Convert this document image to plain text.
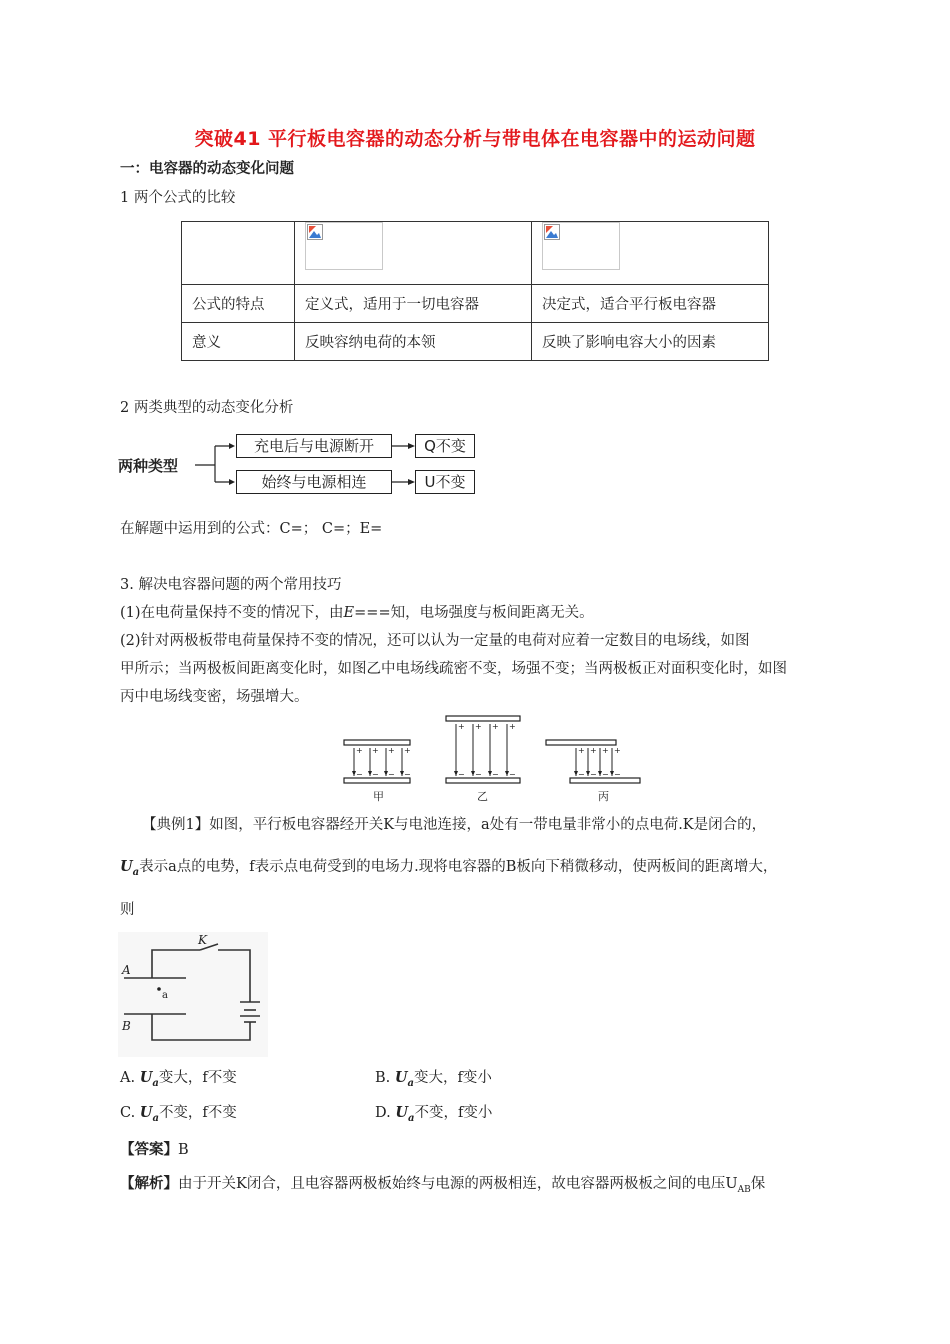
突破41 平行板电容器的动态分析与带电体在电容器中的运动问题
一：电容器的动态变化问题
1 两个公式的比较

公式的特点	定义式，适用于一切电容器	决定式，适合平行板电容器
意义	反映容纳电荷的本领	反映了影响电容大小的因素
2 两类典型的动态变化分析
两种类型
充电后与电源断开	Q不变
始终与电源相连	U不变
在解题中运用到的公式：C=； C=；E=
3. 解决电容器问题的两个常用技巧
(1)在电荷量保持不变的情况下，由E===知，电场强度与板间距离无关。
(2)针对两极板带电荷量保持不变的情况，还可以认为一定量的电荷对应着一定数目的电场线，如图
甲所示；当两极板间距离变化时，如图乙中电场线疏密不变，场强不变；当两极板正对面积变化时，如图
丙中电场线变密，场强增大。
+ + + +
− − − −
+ + + +
− − − −
+ + + +
− − − −
甲	乙	丙
【典例1】如图，平行板电容器经开关K与电池连接，a处有一带电量非常小的点电荷.K是闭合的，
$U_a$表示a点的电势，f表示点电荷受到的电场力.现将电容器的B板向下稍微移动，使两板间的距离增大，
则
K
A
B
a
A. $U_a$变大，f不变	B. $U_a$变大，f变小
C. $U_a$不变，f不变	D. $U_a$不变，f变小
【答案】B
【解析】由于开关K闭合，且电容器两极板始终与电源的两极相连，故电容器两极板之间的电压$U_{AB}$保
